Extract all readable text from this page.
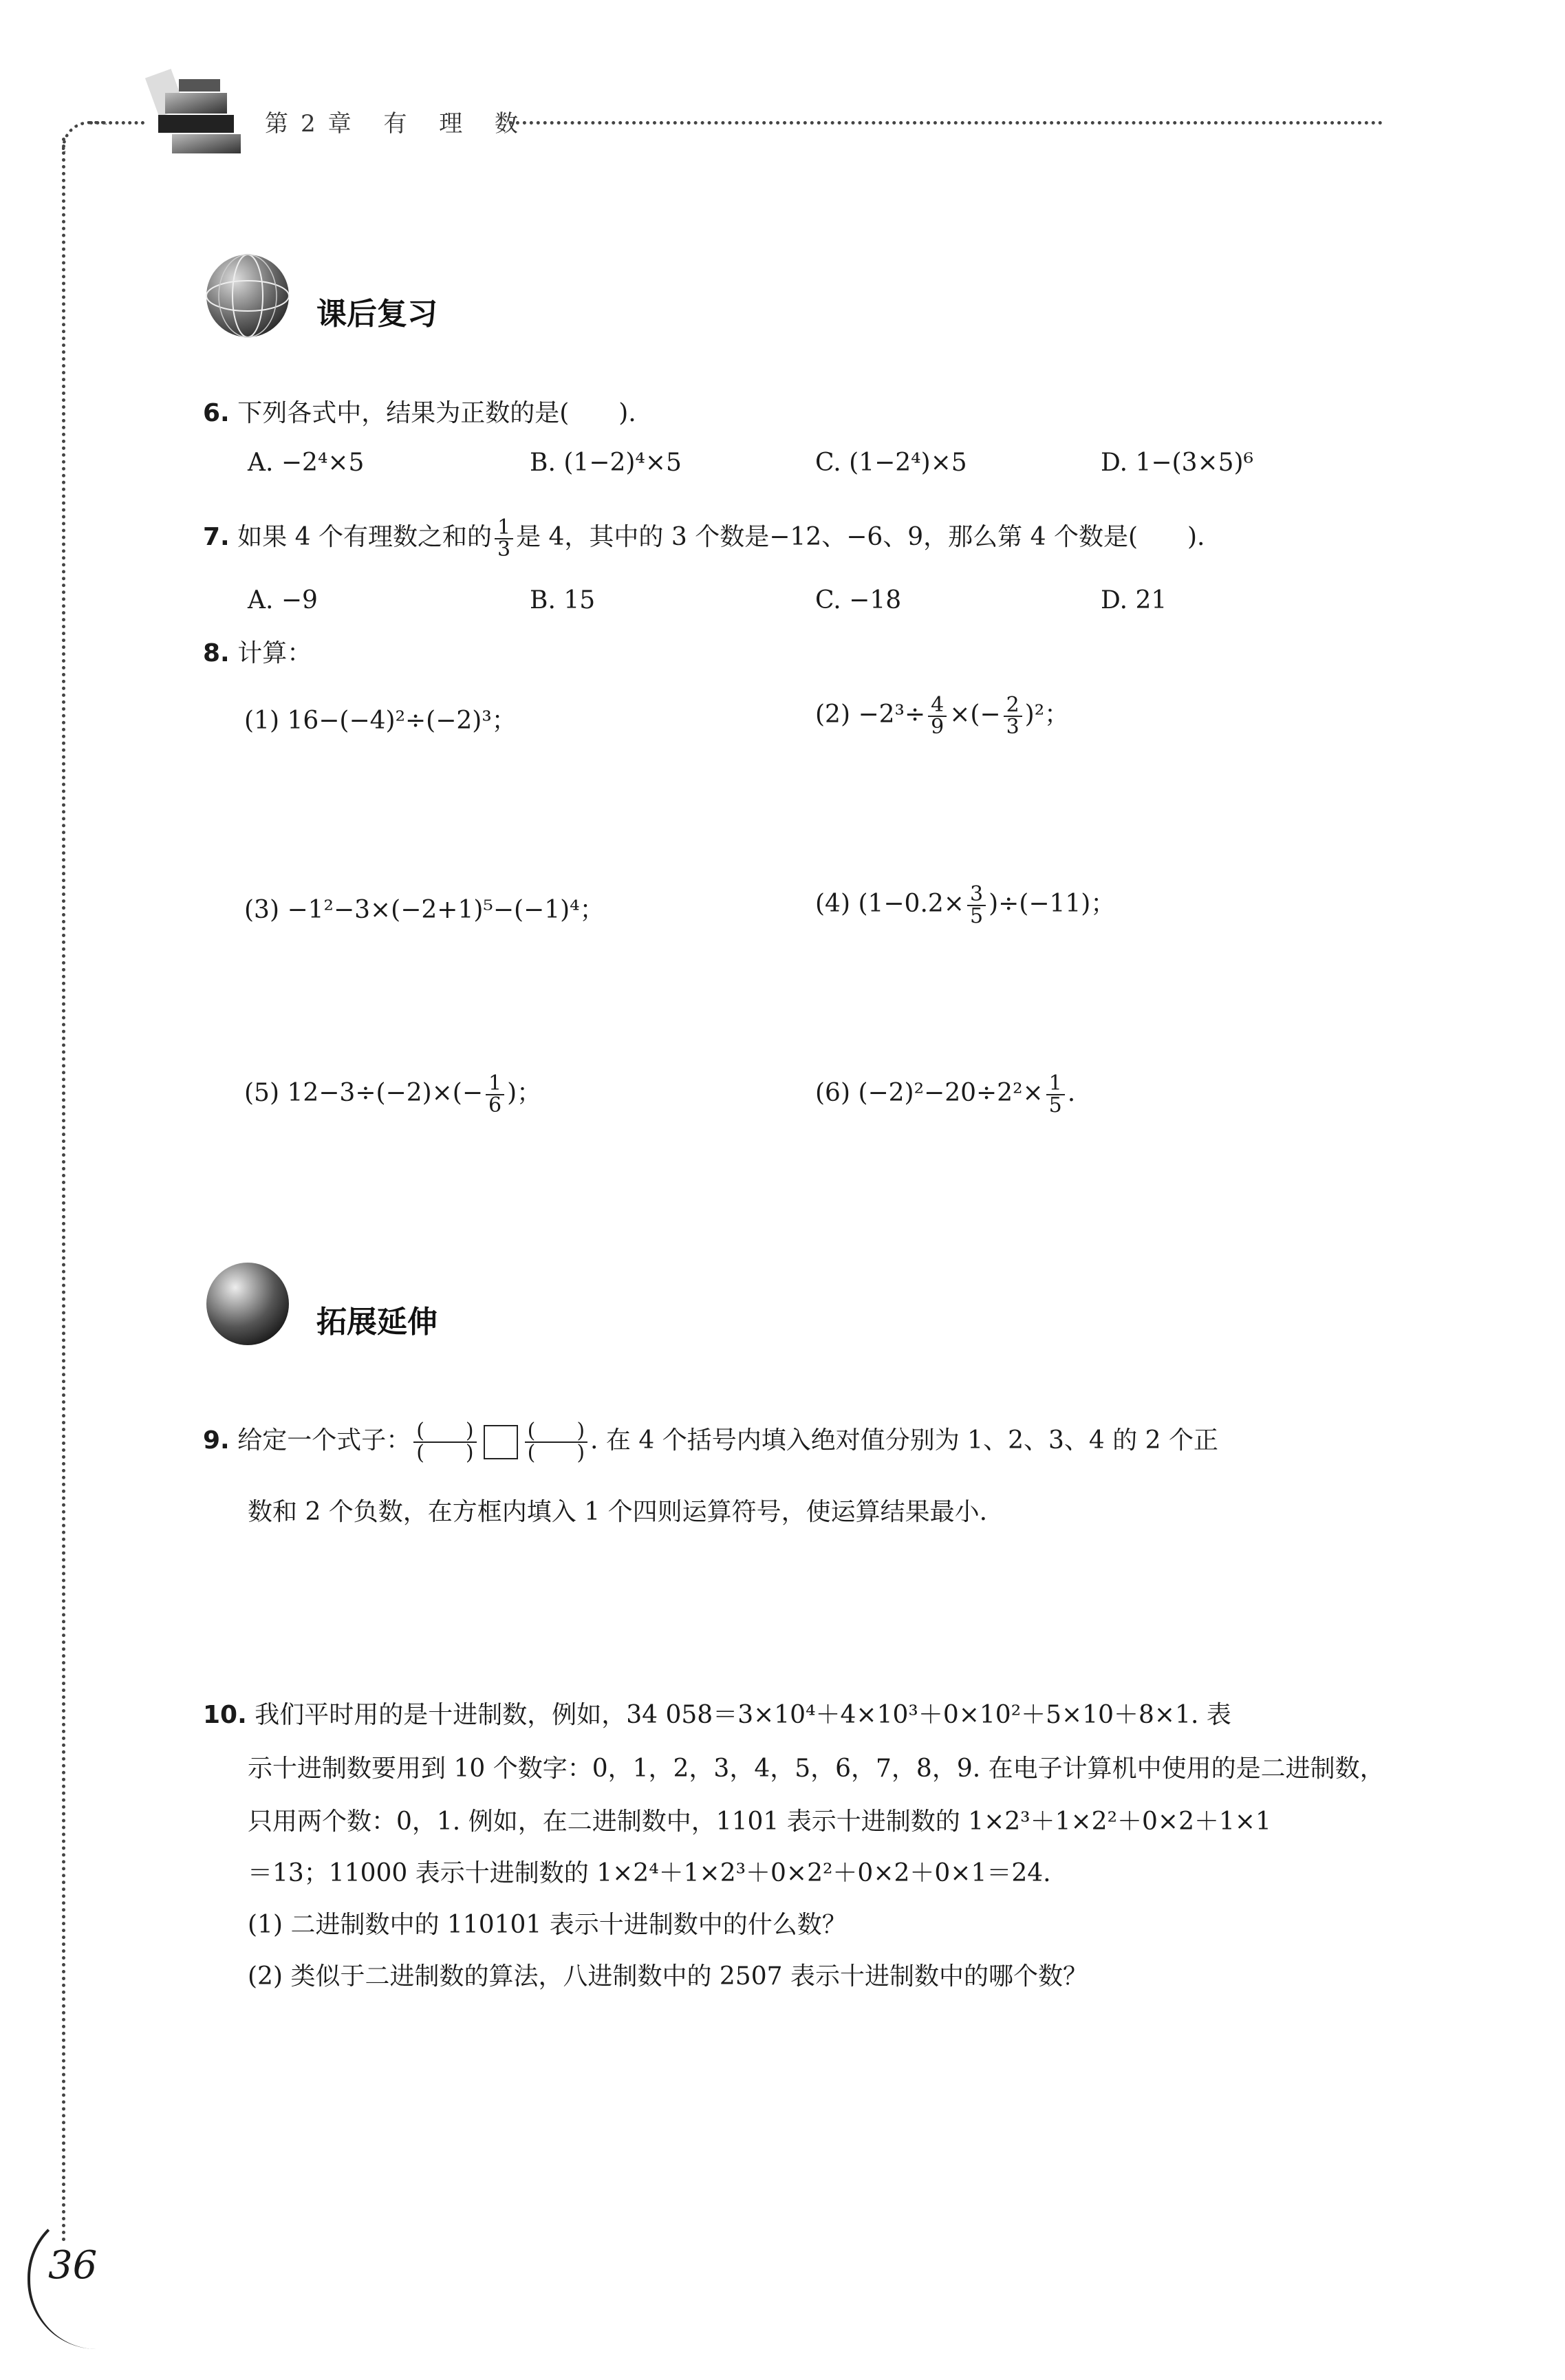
第2章 有 理 数
课后复习
6. 下列各式中，结果为正数的是(　　).
A. −2⁴×5	B. (1−2)⁴×5	C. (1−2⁴)×5	D. 1−(3×5)⁶
7. 如果 4 个有理数之和的 $\frac{1}{3}$ 是 4，其中的 3 个数是−12、−6、9，那么第 4 个数是(　　).
A. −9	B. 15	C. −18	D. 21
8. 计算：
(1) 16−(−4)²÷(−2)³；	$(2) -2^3\div \frac{4}{9}$ ×(− $\frac{2}{3} )^2$；
(3) −1²−3×(−2+1)⁵−(−1)⁴；	(4) $(1-0.2\times \frac{3}{5} )\div(-11)$；
(5) $12-3\div(-2)\times(- \frac{1}{6}$ )；	(6) $(-2)^2-20\div 2^2\times \frac{1}{5}$ .
拓展延伸
9. 给定一个式子： $\frac{( )}{( )} \frac{( )}{( )}$ . 在 4 个括号内填入绝对值分别为 1、2、3、4 的 2 个正
数和 2 个负数，在方框内填入 1 个四则运算符号，使运算结果最小.
10. 我们平时用的是十进制数，例如，34 058＝3×10⁴＋4×10³＋0×10²＋5×10＋8×1. 表
示十进制数要用到 10 个数字：0，1，2，3，4，5，6，7，8，9. 在电子计算机中使用的是二进制数，
只用两个数：0，1. 例如，在二进制数中，1101 表示十进制数的 1×2³＋1×2²＋0×2＋1×1
＝13；11000 表示十进制数的 1×2⁴＋1×2³＋0×2²＋0×2＋0×1＝24.
(1) 二进制数中的 110101 表示十进制数中的什么数？
(2) 类似于二进制数的算法，八进制数中的 2507 表示十进制数中的哪个数？
36
